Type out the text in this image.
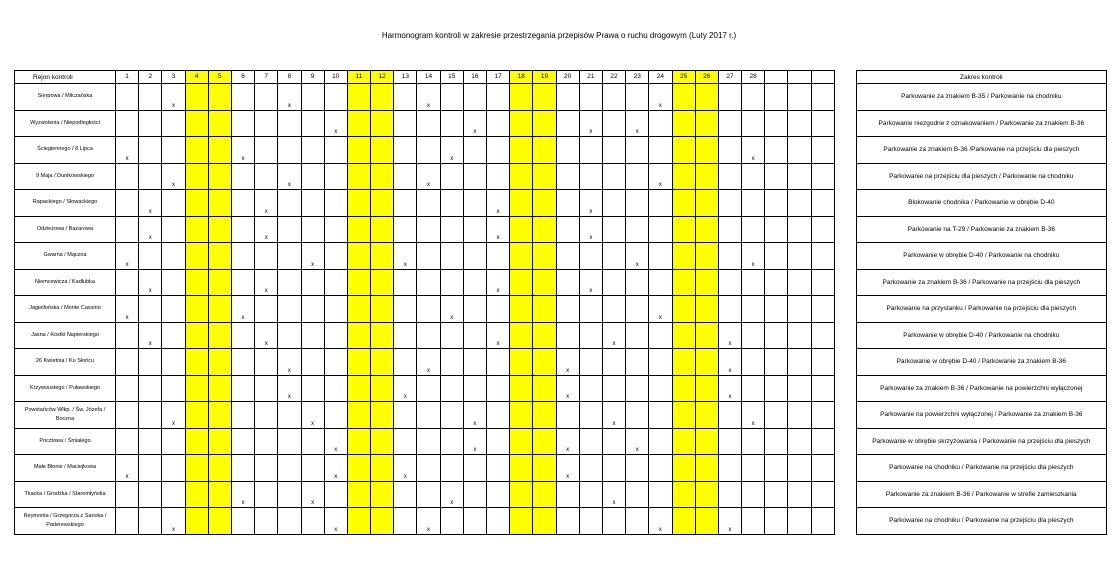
Harmonogram kontroli w zakresie przestrzegania przepisów Prawa o ruchu drogowym (Luty 2017 r.)
Rejon kontroli	1	2	3	4	5	6	7	8	9	10	11	12	13	14	15	16	17	18	19	20	21	22	23	24	25	26	27	28					Zakres kontroli
Sierpowa / Milczańska			x					x						x										x									Parkowanie za znakiem B-35 / Parkowanie na chodniku
Wyzwolenia / Niepodległości										x						x					x		x										Parkowanie niezgodne z oznakowaniem / Parkowanie za znakiem B-36
Ściegiennego / 8 Lipca	x					x									x													x					Parkowanie za znakiem B-36 /Parkowanie na przejściu dla pieszych
9 Maja / Dunikowskiego			x					x						x										x									Parkowanie na przejściu dla pieszych / Parkowanie na chodniku
Rapackiego / Słowackiego		x					x										x				x												Blokowanie chodnika / Parkowanie w obrębie D-40
Odzieżowa / Bazarowa		x					x										x				x												Parkowanie na T-29 / Parkowanie za znakiem B-36
Gwarna / Mączna	x								x				x										x					x					Parkowanie w obrębie D-40 / Parkowanie na chodniku
Niemcewicza / Kadłubka		x					x										x				x												Parkowanie za znakiem B-36 / Parkowanie na przejściu dla pieszych
Jagiellońska / Monte Cassino	x					x									x									x									Parkowanie na przystanku / Parkowanie na przejściu dla pieszych
Jasna / Kostki Napierskiego		x					x										x					x					x						Parkowanie w obrębie D-40 / Parkowanie na chodniku
26 Kwietnia / Ku Słońcu								x						x						x							x						Parkowanie w obrębie D-40 / Parkowanie za znakiem B-36
Krzywoustego / Puławskiego								x					x							x							x						Parkowanie za znakiem B-36 / Parkowanie na powierzchni wyłączonej
Powstańców Wlkp. / Św. Józefa / Boczna			x						x							x						x						x					Parkowanie na powierzchni wyłączonej / Parkowanie za znakiem B-36
Pocztowa / Śmiałego										x						x				x			x										Parkowanie w obrębie skrzyżowania / Parkowanie na przejściu dla pieszych
Małe Błonie / Maciejkowa	x									x			x							x													Parkowanie na chodniku / Parkowanie na przejściu dla pieszych
Tkacka / Grodzka / Staromłyńska						x			x						x							x											Parkowanie za znakiem B-36 / Parkowanie w strefie zamieszkania
Reymonta / Grzegorza z Sanoka / Paderewskiego			x							x				x										x			x						Parkowanie na chodniku / Parkowanie na przejściu dla pieszych
